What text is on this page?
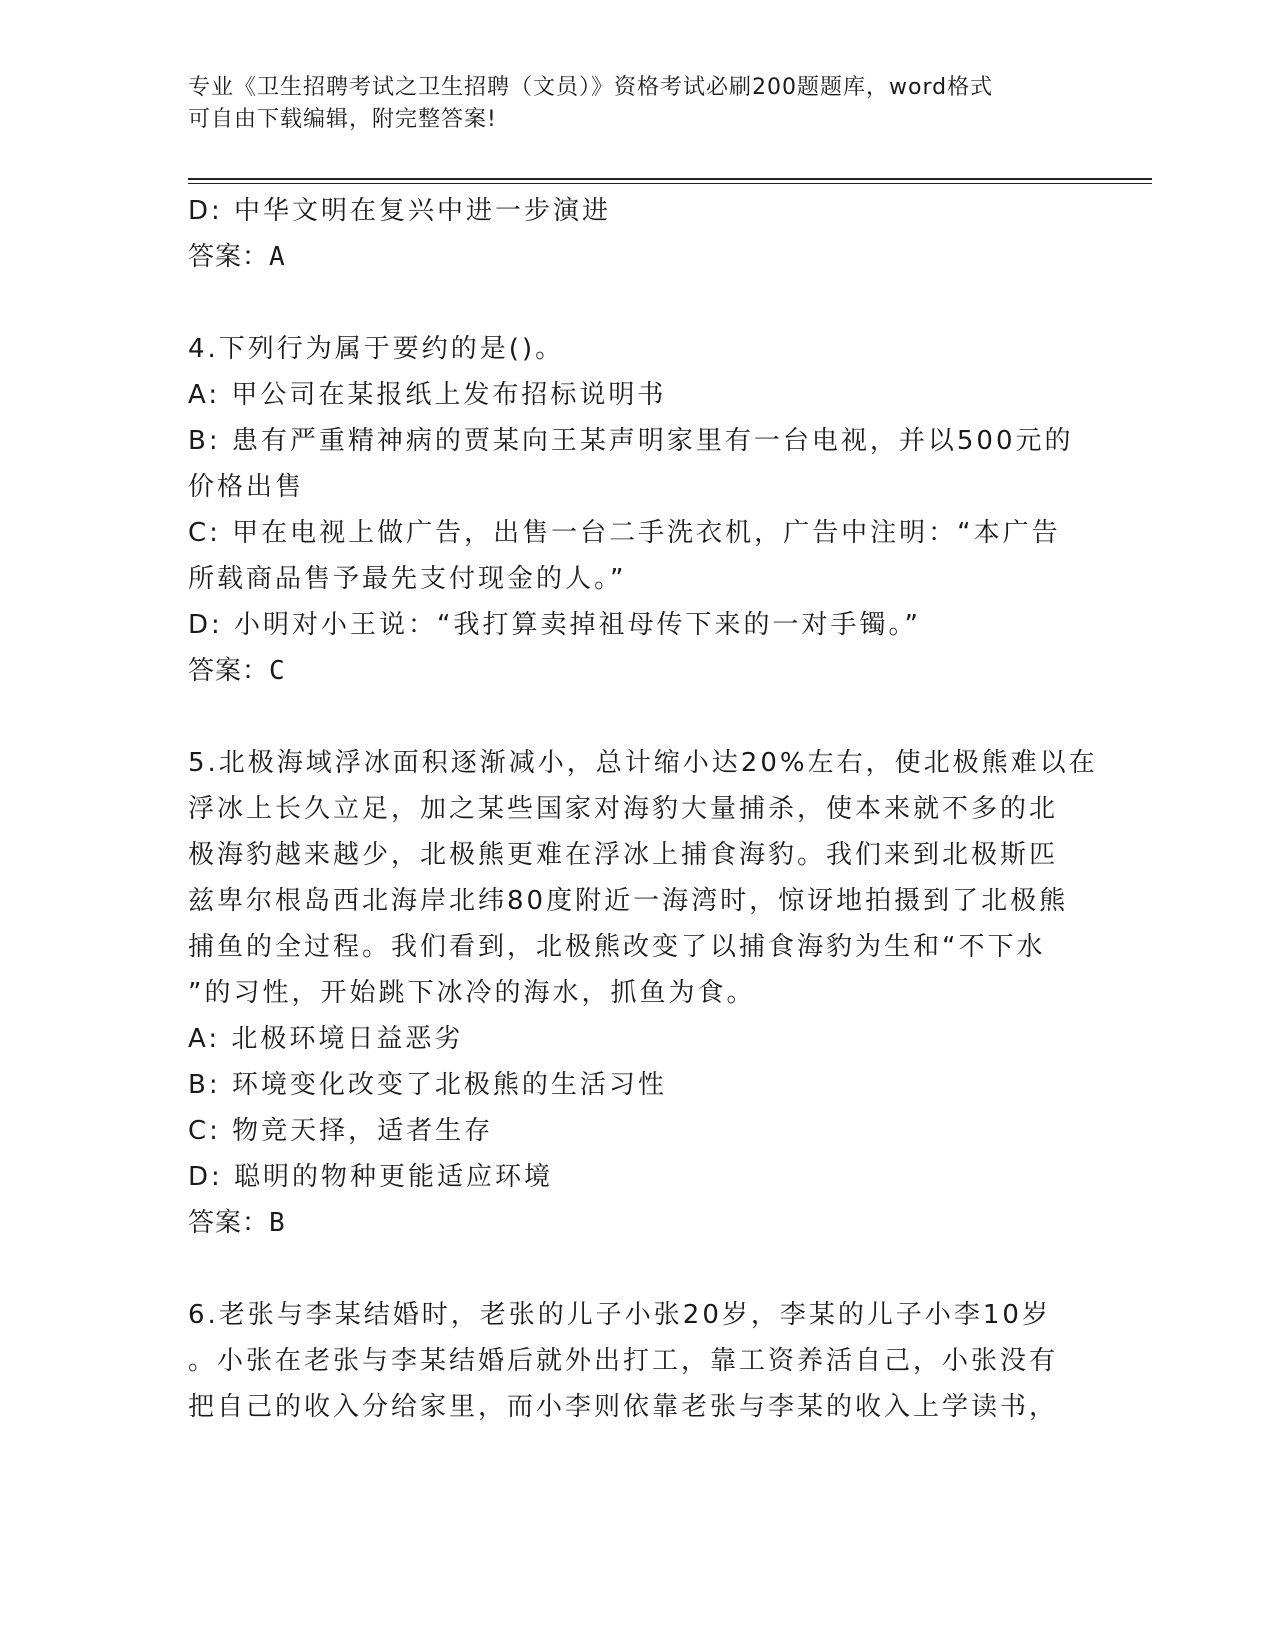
专业《卫生招聘考试之卫生招聘（文员）》资格考试必刷200题题库，word格式
可自由下载编辑，附完整答案!
D: 中华文明在复兴中进一步演进
答案：A
4.下列行为属于要约的是()。
A: 甲公司在某报纸上发布招标说明书
B: 患有严重精神病的贾某向王某声明家里有一台电视，并以500元的
价格出售
C: 甲在电视上做广告，出售一台二手洗衣机，广告中注明：“本广告
所载商品售予最先支付现金的人。”
D: 小明对小王说：“我打算卖掉祖母传下来的一对手镯。”
答案：C
5.北极海域浮冰面积逐渐减小，总计缩小达20%左右，使北极熊难以在
浮冰上长久立足，加之某些国家对海豹大量捕杀，使本来就不多的北
极海豹越来越少，北极熊更难在浮冰上捕食海豹。我们来到北极斯匹
兹卑尔根岛西北海岸北纬80度附近一海湾时，惊讶地拍摄到了北极熊
捕鱼的全过程。我们看到，北极熊改变了以捕食海豹为生和“不下水
”的习性，开始跳下冰冷的海水，抓鱼为食。
A: 北极环境日益恶劣
B: 环境变化改变了北极熊的生活习性
C: 物竞天择，适者生存
D: 聪明的物种更能适应环境
答案：B
6.老张与李某结婚时，老张的儿子小张20岁，李某的儿子小李10岁
。小张在老张与李某结婚后就外出打工，靠工资养活自己，小张没有
把自己的收入分给家里，而小李则依靠老张与李某的收入上学读书，
